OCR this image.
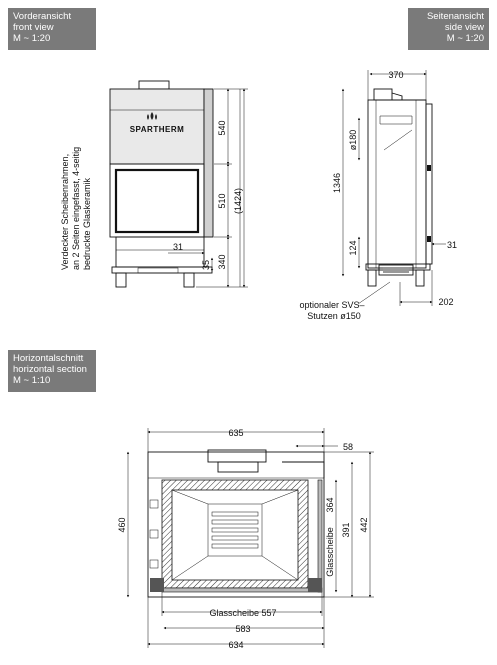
Vorderansicht
front view
M ~ 1:20
Seitenansicht
side view
M ~ 1:20
Horizontalschnitt
horizontal section
M ~ 1:10
SPARTHERM	540
510 (1424)
340
35
31
Verdeckter Scheibenrahmen, an 2 Seiten eingefasst, 4-seitig bedruckte Glaskeramik
370
1346
ø180
124	31
202
optionaler SVS–
Stutzen ø150
635
58
460
Glasscheibe
364
391 442
Glasscheibe 557
583
634
